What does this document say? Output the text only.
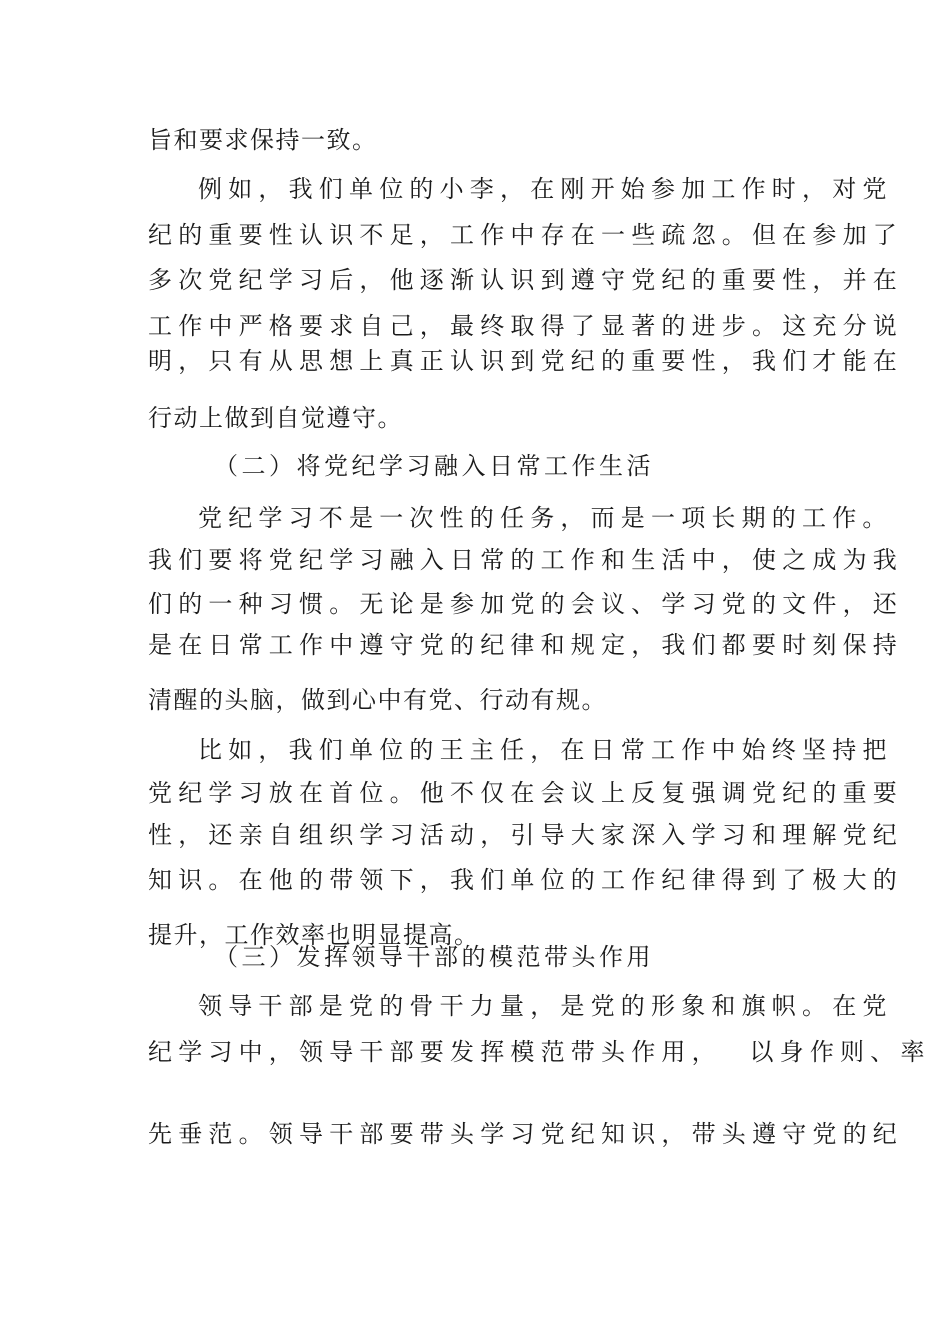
旨和要求保持一致。
例如，我们单位的小李，在刚开始参加工作时，对党
纪的重要性认识不足，工作中存在一些疏忽。但在参加了
多次党纪学习后，他逐渐认识到遵守党纪的重要性，并在
工作中严格要求自己，最终取得了显著的进步。这充分说
明，只有从思想上真正认识到党纪的重要性，我们才能在
行动上做到自觉遵守。
（二）将党纪学习融入日常工作生活
党纪学习不是一次性的任务，而是一项长期的工作。
我们要将党纪学习融入日常的工作和生活中，使之成为我
们的一种习惯。无论是参加党的会议、学习党的文件，还
是在日常工作中遵守党的纪律和规定，我们都要时刻保持
清醒的头脑，做到心中有党、行动有规。
比如，我们单位的王主任，在日常工作中始终坚持把
党纪学习放在首位。他不仅在会议上反复强调党纪的重要
性，还亲自组织学习活动，引导大家深入学习和理解党纪
知识。在他的带领下，我们单位的工作纪律得到了极大的
提升，工作效率也明显提高。
（三）发挥领导干部的模范带头作用
领导干部是党的骨干力量，是党的形象和旗帜。在党
纪学习中，领导干部要发挥模范带头作用，  以身作则、率
先垂范。领导干部要带头学习党纪知识，带头遵守党的纪
